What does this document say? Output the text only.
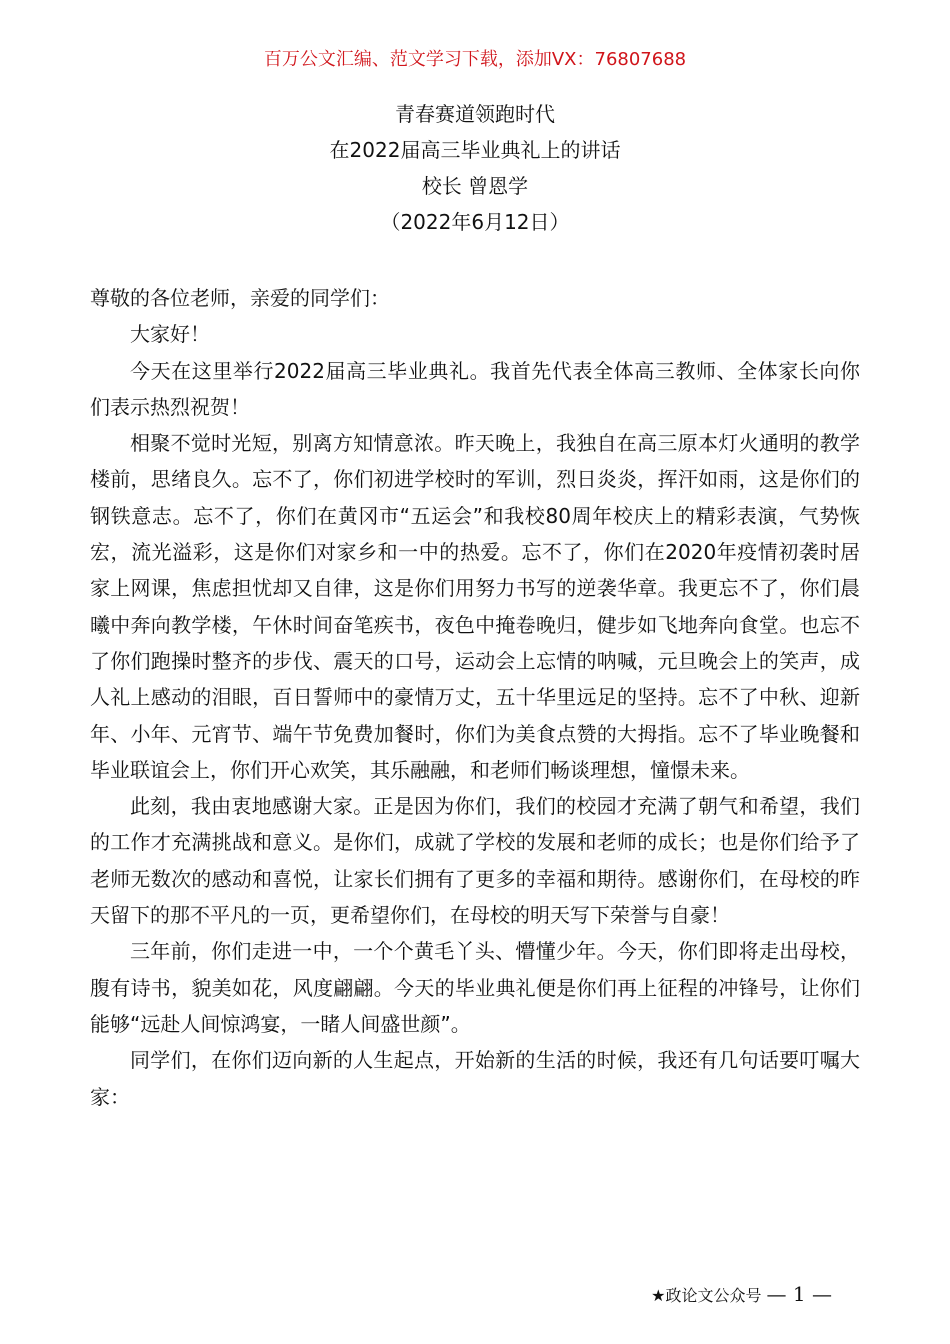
百万公文汇编、范文学习下载，添加VX：76807688
青春赛道领跑时代
在2022届高三毕业典礼上的讲话
校长 曾恩学
（2022年6月12日）

尊敬的各位老师，亲爱的同学们：

大家好！

今天在这里举行2022届高三毕业典礼。我首先代表全体高三教师、全体家长向你们表示热烈祝贺！

相聚不觉时光短，别离方知情意浓。昨天晚上，我独自在高三原本灯火通明的教学楼前，思绪良久。忘不了，你们初进学校时的军训，烈日炎炎，挥汗如雨，这是你们的钢铁意志。忘不了，你们在黄冈市“五运会”和我校80周年校庆上的精彩表演，气势恢宏，流光溢彩，这是你们对家乡和一中的热爱。忘不了，你们在2020年疫情初袭时居家上网课，焦虑担忧却又自律，这是你们用努力书写的逆袭华章。我更忘不了，你们晨曦中奔向教学楼，午休时间奋笔疾书，夜色中掩卷晚归，健步如飞地奔向食堂。也忘不了你们跑操时整齐的步伐、震天的口号，运动会上忘情的呐喊，元旦晚会上的笑声，成人礼上感动的泪眼，百日誓师中的豪情万丈，五十华里远足的坚持。忘不了中秋、迎新年、小年、元宵节、端午节免费加餐时，你们为美食点赞的大拇指。忘不了毕业晚餐和毕业联谊会上，你们开心欢笑，其乐融融，和老师们畅谈理想，憧憬未来。

此刻，我由衷地感谢大家。正是因为你们，我们的校园才充满了朝气和希望，我们的工作才充满挑战和意义。是你们，成就了学校的发展和老师的成长；也是你们给予了老师无数次的感动和喜悦，让家长们拥有了更多的幸福和期待。感谢你们，在母校的昨天留下的那不平凡的一页，更希望你们，在母校的明天写下荣誉与自豪！

三年前，你们走进一中，一个个黄毛丫头、懵懂少年。今天，你们即将走出母校，腹有诗书，貌美如花，风度翩翩。今天的毕业典礼便是你们再上征程的冲锋号，让你们能够“远赴人间惊鸿宴，一睹人间盛世颜”。

同学们，在你们迈向新的人生起点，开始新的生活的时候，我还有几句话要叮嘱大家：

★政论文公众号 — 1 —
